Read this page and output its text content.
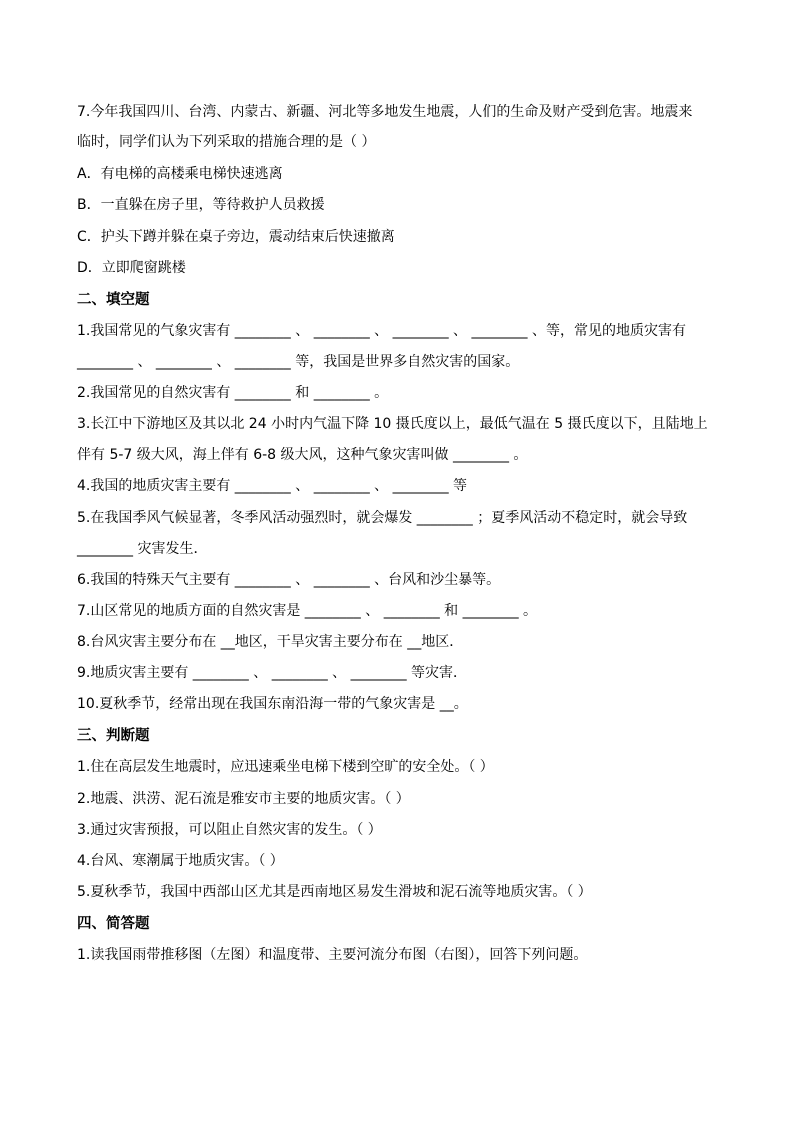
7.今年我国四川、台湾、内蒙古、新疆、河北等多地发生地震，人们的生命及财产受到危害。地震来
临时，同学们认为下列采取的措施合理的是（ ）
A．有电梯的高楼乘电梯快速逃离
B．一直躲在房子里，等待救护人员救援
C．护头下蹲并躲在桌子旁边，震动结束后快速撤离
D．立即爬窗跳楼
二、填空题
1.我国常见的气象灾害有 ________ 、 ________ 、 ________ 、 ________ 、等，常见的地质灾害有
________ 、 ________ 、 ________ 等，我国是世界多自然灾害的国家。
2.我国常见的自然灾害有 ________ 和 ________ 。
3.长江中下游地区及其以北 24 小时内气温下降 10 摄氏度以上，最低气温在 5 摄氏度以下，且陆地上
伴有 5-7 级大风，海上伴有 6-8 级大风，这种气象灾害叫做 ________ 。
4.我国的地质灾害主要有 ________ 、 ________ 、 ________ 等
5.在我国季风气候显著，冬季风活动强烈时，就会爆发 ________ ；夏季风活动不稳定时，就会导致
________ 灾害发生．
6.我国的特殊天气主要有 ________ 、 ________ 、台风和沙尘暴等。
7.山区常见的地质方面的自然灾害是 ________ 、 ________ 和 ________ 。
8.台风灾害主要分布在 __地区，干旱灾害主要分布在 __地区．
9.地质灾害主要有 ________ 、 ________ 、 ________ 等灾害．
10.夏秋季节，经常出现在我国东南沿海一带的气象灾害是 __。
三、判断题
1.住在高层发生地震时，应迅速乘坐电梯下楼到空旷的安全处。（ ）
2.地震、洪涝、泥石流是雅安市主要的地质灾害。（ ）
3.通过灾害预报，可以阻止自然灾害的发生。（ ）
4.台风、寒潮属于地质灾害。（ ）
5.夏秋季节，我国中西部山区尤其是西南地区易发生滑坡和泥石流等地质灾害。（ ）
四、简答题
1.读我国雨带推移图（左图）和温度带、主要河流分布图（右图），回答下列问题。
